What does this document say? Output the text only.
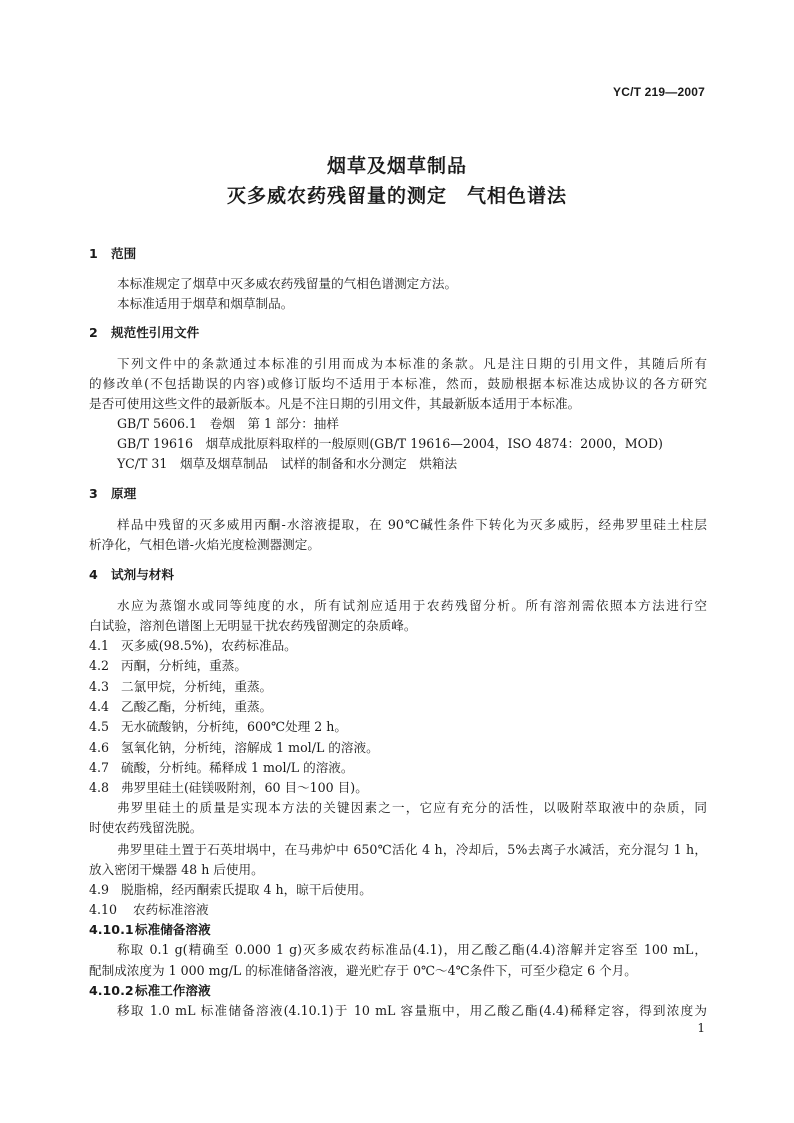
YC/T 219—2007
烟草及烟草制品
灭多威农药残留量的测定　气相色谱法
1 范围
本标准规定了烟草中灭多威农药残留量的气相色谱测定方法。
本标准适用于烟草和烟草制品。
2 规范性引用文件
下列文件中的条款通过本标准的引用而成为本标准的条款。凡是注日期的引用文件，其随后所有
的修改单(不包括勘误的内容)或修订版均不适用于本标准，然而，鼓励根据本标准达成协议的各方研究
是否可使用这些文件的最新版本。凡是不注日期的引用文件，其最新版本适用于本标准。
GB/T 5606.1　卷烟　第 1 部分：抽样
GB/T 19616　烟草成批原料取样的一般原则(GB/T 19616—2004，ISO 4874：2000，MOD)
YC/T 31　烟草及烟草制品　试样的制备和水分测定　烘箱法
3 原理
样品中残留的灭多威用丙酮-水溶液提取，在 90℃碱性条件下转化为灭多威肟，经弗罗里硅土柱层
析净化，气相色谱-火焰光度检测器测定。
4 试剂与材料
水应为蒸馏水或同等纯度的水，所有试剂应适用于农药残留分析。所有溶剂需依照本方法进行空
白试验，溶剂色谱图上无明显干扰农药残留测定的杂质峰。
4.1 灭多威(98.5%)，农药标准品。
4.2 丙酮，分析纯，重蒸。
4.3 二氯甲烷，分析纯，重蒸。
4.4 乙酸乙酯，分析纯，重蒸。
4.5 无水硫酸钠，分析纯，600℃处理 2 h。
4.6 氢氧化钠，分析纯，溶解成 1 mol/L 的溶液。
4.7 硫酸，分析纯。稀释成 1 mol/L 的溶液。
4.8 弗罗里硅土(硅镁吸附剂，60 目～100 目)。
弗罗里硅土的质量是实现本方法的关键因素之一，它应有充分的活性，以吸附萃取液中的杂质，同
时使农药残留洗脱。
弗罗里硅土置于石英坩埚中，在马弗炉中 650℃活化 4 h，冷却后，5%去离子水减活，充分混匀 1 h，
放入密闭干燥器 48 h 后使用。
4.9 脱脂棉，经丙酮索氏提取 4 h，晾干后使用。
4.10 农药标准溶液
4.10.1标准储备溶液
称取 0.1 g(精确至 0.000 1 g)灭多威农药标准品(4.1)，用乙酸乙酯(4.4)溶解并定容至 100 mL，
配制成浓度为 1 000 mg/L 的标准储备溶液，避光贮存于 0℃～4℃条件下，可至少稳定 6 个月。
4.10.2标准工作溶液
移取 1.0 mL 标准储备溶液(4.10.1)于 10 mL 容量瓶中，用乙酸乙酯(4.4)稀释定容，得到浓度为
1
